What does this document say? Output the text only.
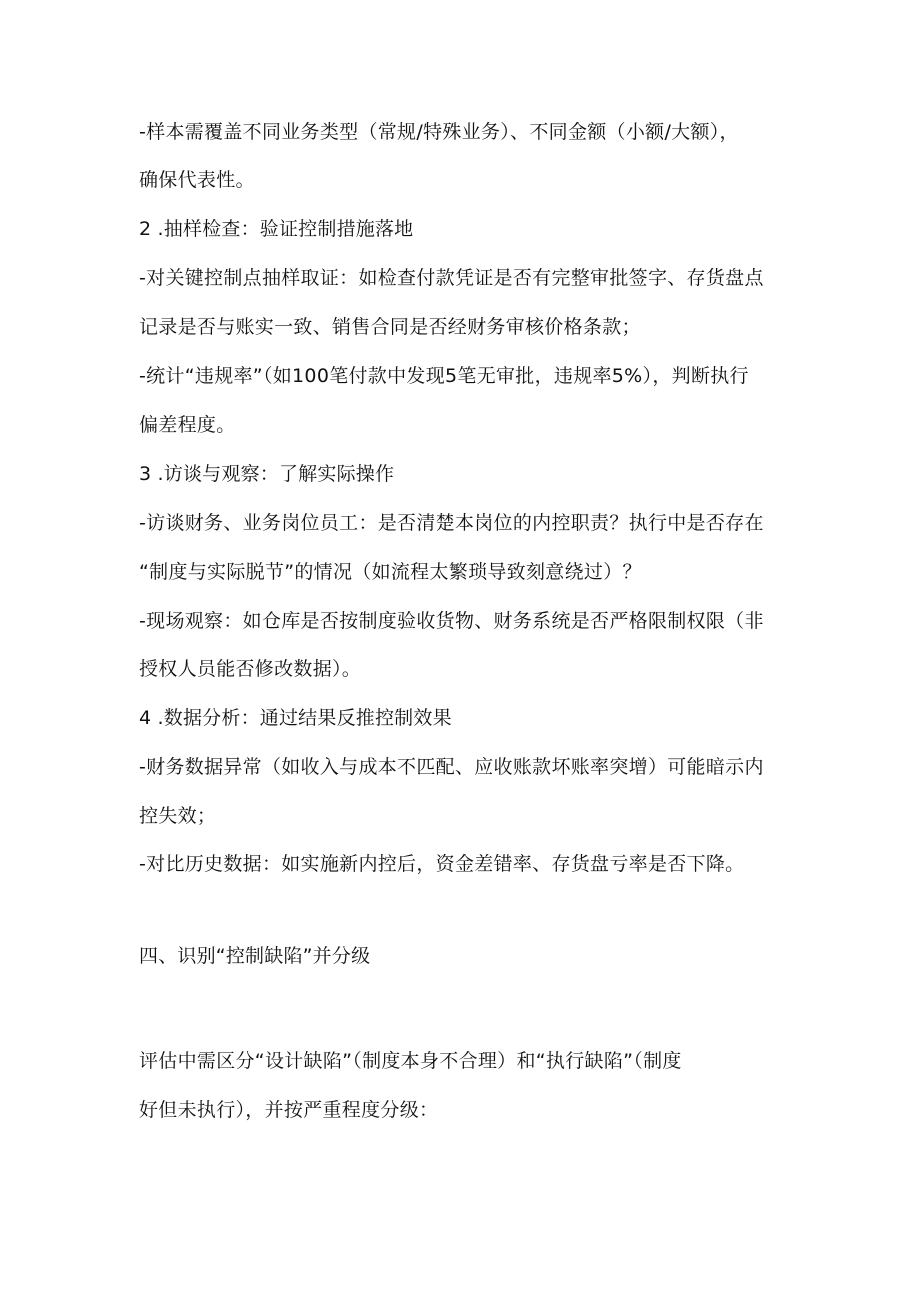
-样本需覆盖不同业务类型（常规/特殊业务）、不同金额（小额/大额），
确保代表性。
2 .抽样检查：验证控制措施落地
-对关键控制点抽样取证：如检查付款凭证是否有完整审批签字、存货盘点
记录是否与账实一致、销售合同是否经财务审核价格条款；
-统计“违规率”（如100笔付款中发现5笔无审批，违规率5%），判断执行
偏差程度。
3 .访谈与观察：了解实际操作
-访谈财务、业务岗位员工：是否清楚本岗位的内控职责？执行中是否存在
“制度与实际脱节”的情况（如流程太繁琐导致刻意绕过）？
-现场观察：如仓库是否按制度验收货物、财务系统是否严格限制权限（非
授权人员能否修改数据）。
4 .数据分析：通过结果反推控制效果
-财务数据异常（如收入与成本不匹配、应收账款坏账率突增）可能暗示内
控失效；
-对比历史数据：如实施新内控后，资金差错率、存货盘亏率是否下降。
四、识别“控制缺陷”并分级
评估中需区分“设计缺陷”（制度本身不合理）和“执行缺陷”（制度
好但未执行），并按严重程度分级：
